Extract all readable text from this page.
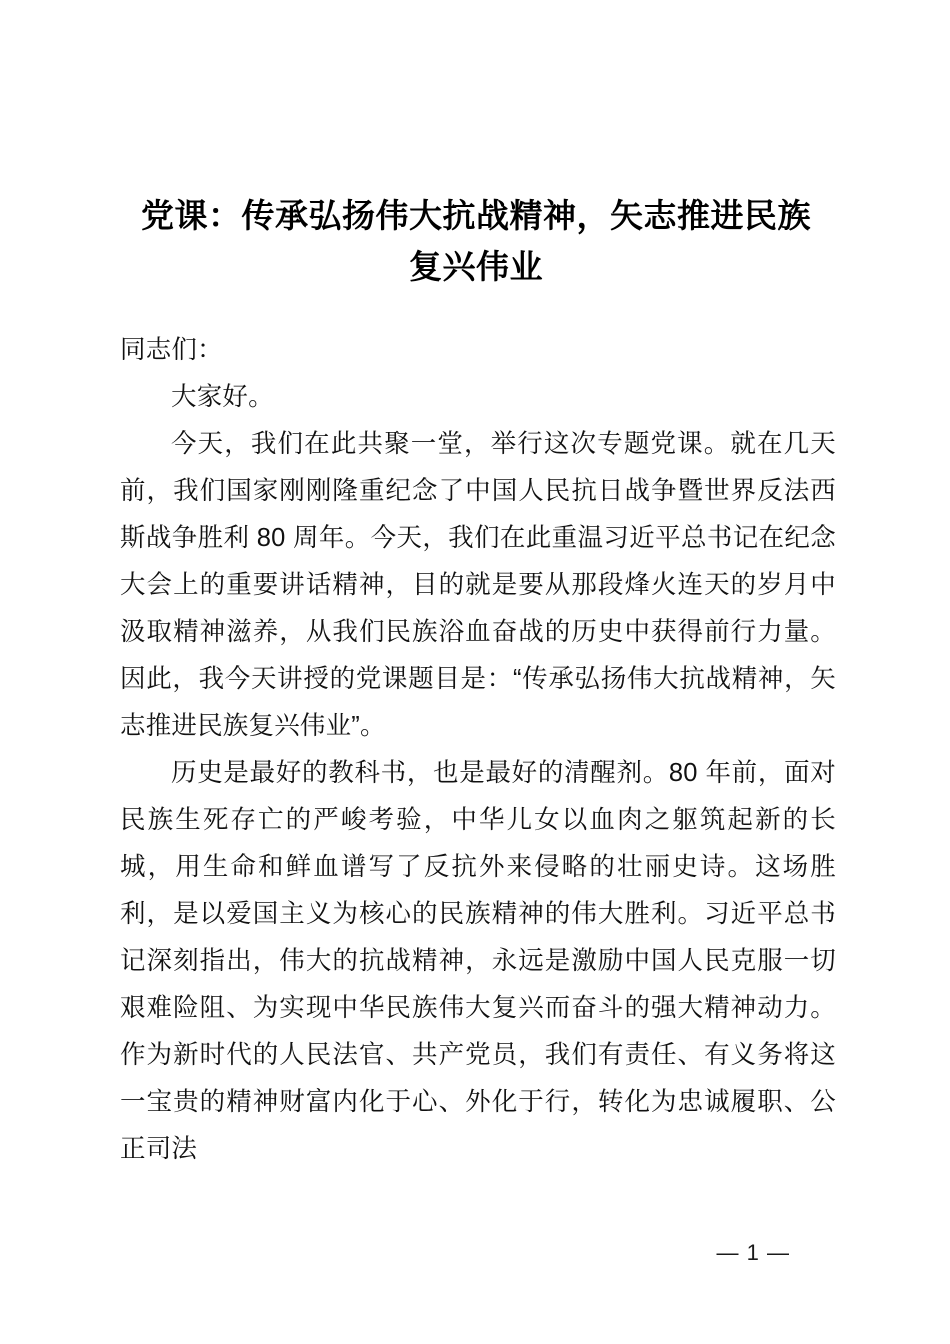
党课：传承弘扬伟大抗战精神，矢志推进民族
复兴伟业

同志们：

大家好。

今天，我们在此共聚一堂，举行这次专题党课。就在几天前，我们国家刚刚隆重纪念了中国人民抗日战争暨世界反法西斯战争胜利 80 周年。今天，我们在此重温习近平总书记在纪念大会上的重要讲话精神，目的就是要从那段烽火连天的岁月中汲取精神滋养，从我们民族浴血奋战的历史中获得前行力量。因此，我今天讲授的党课题目是：“传承弘扬伟大抗战精神，矢志推进民族复兴伟业”。

历史是最好的教科书，也是最好的清醒剂。80 年前，面对民族生死存亡的严峻考验，中华儿女以血肉之躯筑起新的长城，用生命和鲜血谱写了反抗外来侵略的壮丽史诗。这场胜利，是以爱国主义为核心的民族精神的伟大胜利。习近平总书记深刻指出，伟大的抗战精神，永远是激励中国人民克服一切艰难险阻、为实现中华民族伟大复兴而奋斗的强大精神动力。作为新时代的人民法官、共产党员，我们有责任、有义务将这一宝贵的精神财富内化于心、外化于行，转化为忠诚履职、公正司法

— 1 —
